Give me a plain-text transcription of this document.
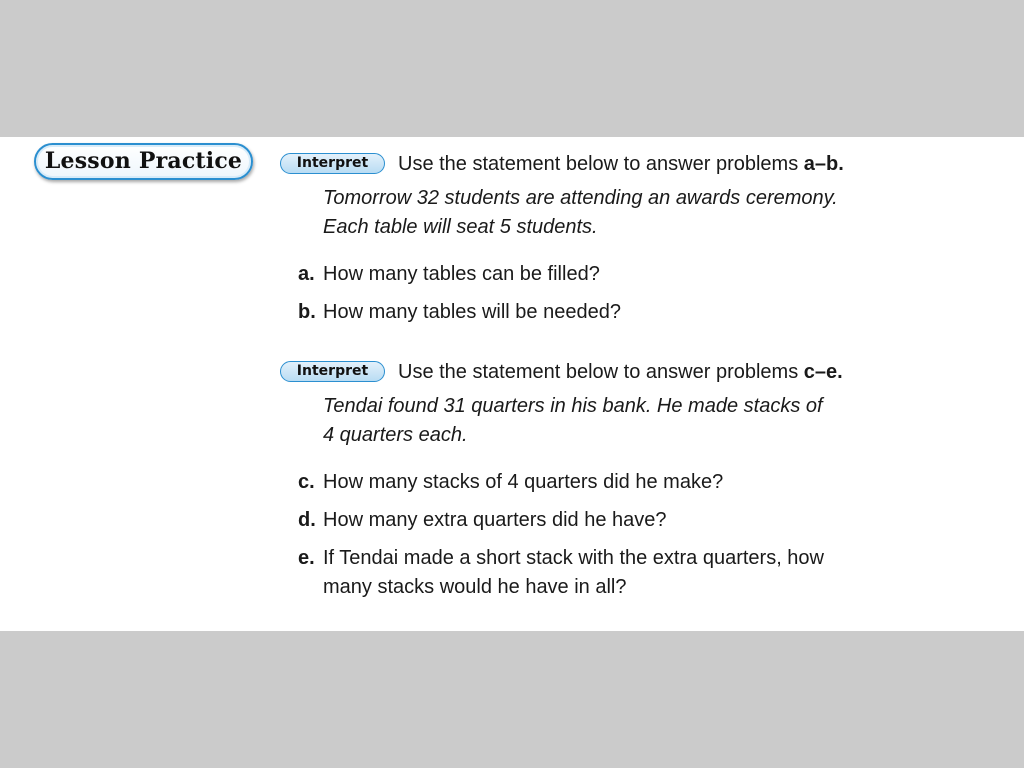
Lesson Practice	Interpret	Use the statement below to answer problems a–b.
Tomorrow 32 students are attending an awards ceremony.
Each table will seat 5 students.
a. How many tables can be filled?
b. How many tables will be needed?
Interpret	Use the statement below to answer problems c–e.
Tendai found 31 quarters in his bank. He made stacks of
4 quarters each.
c. How many stacks of 4 quarters did he make?
d. How many extra quarters did he have?
e. If Tendai made a short stack with the extra quarters, how
many stacks would he have in all?
